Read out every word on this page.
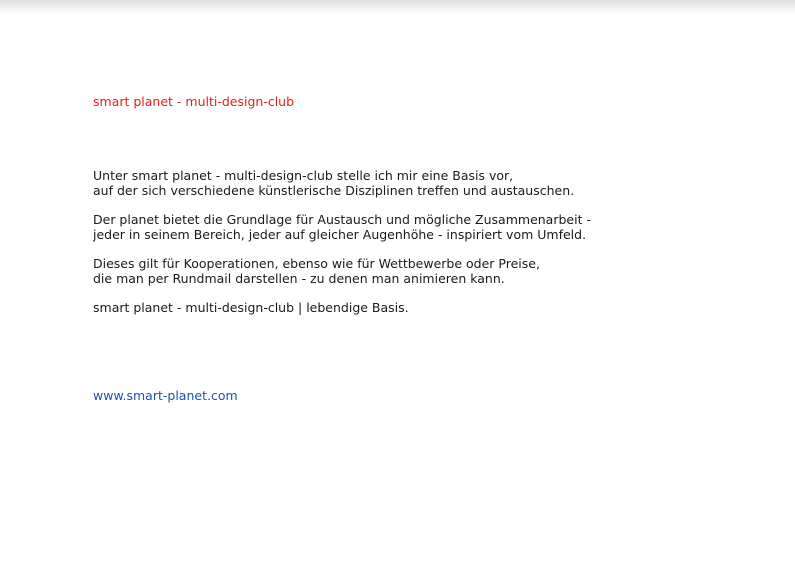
smart planet - multi-design-club

Unter smart planet - multi-design-club stelle ich mir eine Basis vor,
auf der sich verschiedene künstlerische Disziplinen treffen und austauschen.

Der planet bietet die Grundlage für Austausch und mögliche Zusammenarbeit -
jeder in seinem Bereich, jeder auf gleicher Augenhöhe - inspiriert vom Umfeld.

Dieses gilt für Kooperationen, ebenso wie für Wettbewerbe oder Preise,
die man per Rundmail darstellen - zu denen man animieren kann.

smart planet - multi-design-club | lebendige Basis.

www.smart-planet.com
